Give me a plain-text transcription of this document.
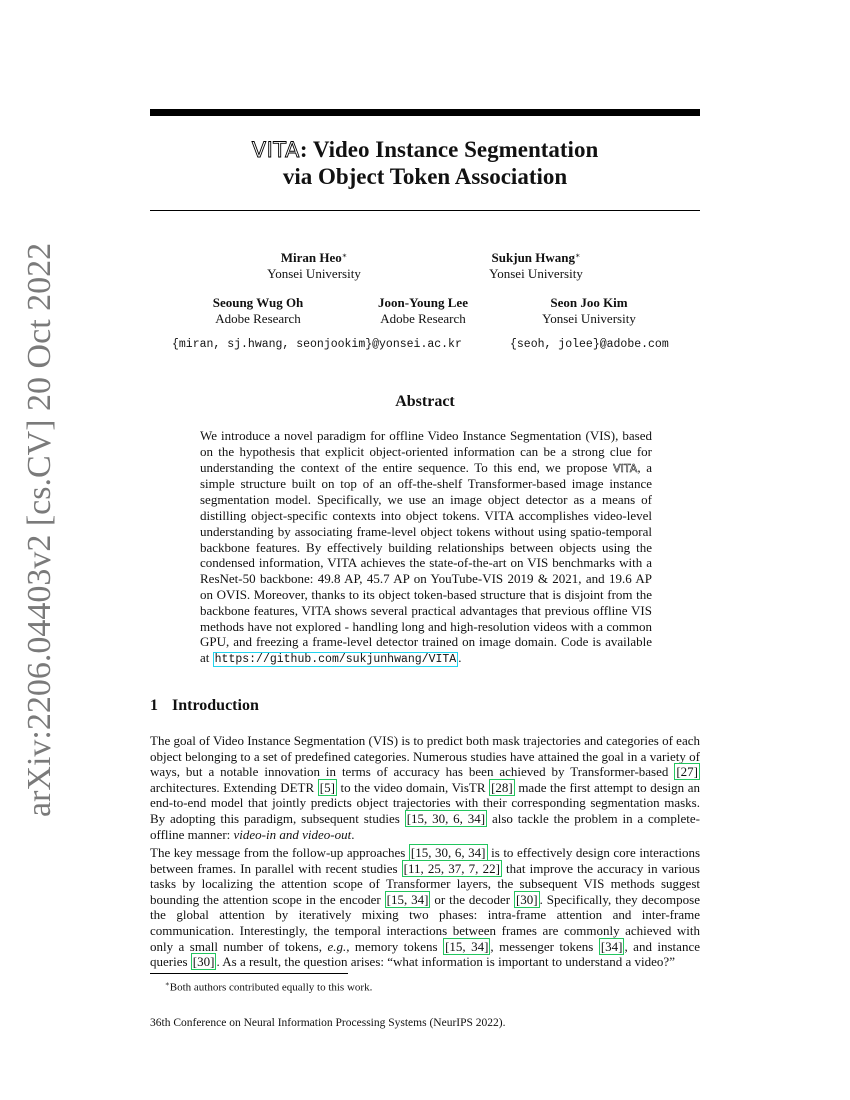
arXiv:2206.04403v2 [cs.CV] 20 Oct 2022
VITA: Video Instance Segmentation
via Object Token Association
Miran Heo∗
Yonsei University
Sukjun Hwang∗
Yonsei University
Seoung Wug Oh
Adobe Research
Joon-Young Lee
Adobe Research
Seon Joo Kim
Yonsei University
{miran, sj.hwang, seonjookim}@yonsei.ac.kr	{seoh, jolee}@adobe.com
Abstract
We introduce a novel paradigm for offline Video Instance Segmentation (VIS), based on the hypothesis that explicit object-oriented information can be a strong clue for understanding the context of the entire sequence. To this end, we propose VITA, a simple structure built on top of an off-the-shelf Transformer-based image instance segmentation model. Specifically, we use an image object detector as a means of distilling object-specific contexts into object tokens. VITA accomplishes video-level understanding by associating frame-level object tokens without using spatio-temporal backbone features. By effectively building relationships between objects using the condensed information, VITA achieves the state-of-the-art on VIS benchmarks with a ResNet-50 backbone: 49.8 AP, 45.7 AP on YouTube-VIS 2019 & 2021, and 19.6 AP on OVIS. Moreover, thanks to its object token-based structure that is disjoint from the backbone features, VITA shows several practical advantages that previous offline VIS methods have not explored - handling long and high-resolution videos with a common GPU, and freezing a frame-level detector trained on image domain. Code is available at https://github.com/sukjunhwang/VITA .
1 Introduction
The goal of Video Instance Segmentation (VIS) is to predict both mask trajectories and categories of each object belonging to a set of predefined categories. Numerous studies have attained the goal in a variety of ways, but a notable innovation in terms of accuracy has been achieved by Transformer-based [27] architectures. Extending DETR [5] to the video domain, VisTR [28] made the first attempt to design an end-to-end model that jointly predicts object trajectories with their corresponding segmentation masks. By adopting this paradigm, subsequent studies [15, 30, 6, 34] also tackle the problem in a complete-offline manner: video-in and video-out.
The key message from the follow-up approaches [15, 30, 6, 34] is to effectively design core interactions between frames. In parallel with recent studies [11, 25, 37, 7, 22] that improve the accuracy in various tasks by localizing the attention scope of Transformer layers, the subsequent VIS methods suggest bounding the attention scope in the encoder [15, 34] or the decoder [30] . Specifically, they decompose the global attention by iteratively mixing two phases: intra-frame attention and inter-frame communication. Interestingly, the temporal interactions between frames are commonly achieved with only a small number of tokens, e.g., memory tokens [15, 34] , messenger tokens [34] , and instance queries [30] . As a result, the question arises: “what information is important to understand a video?”
∗Both authors contributed equally to this work.
36th Conference on Neural Information Processing Systems (NeurIPS 2022).
